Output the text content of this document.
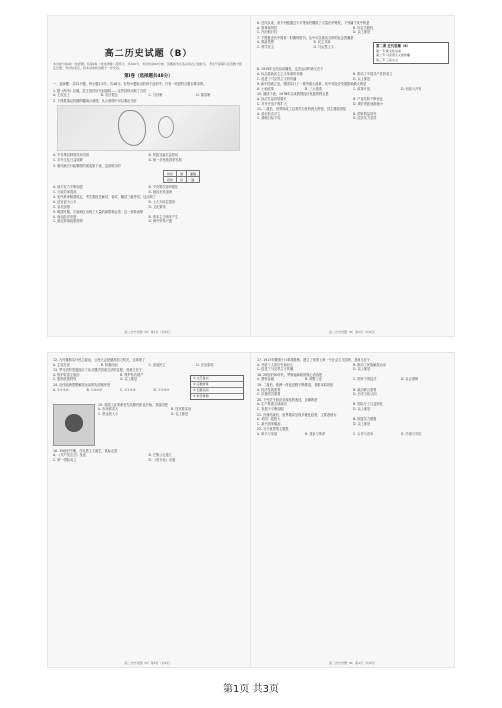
高二历史试题（B）
本试卷分第Ⅰ卷（选择题）和第Ⅱ卷（非选择题）两部分，共100分，考试时间90分钟。答题前考生务必将自己的姓名、考生号等填写在答题卡规定位置，考试结束后，将本试卷和答题卡一并交回。
第Ⅰ卷（选择题共48分）
一、选择题：共32小题，每小题1.5分，共48分。在每小题给出的四个选项中，只有一项是符合题目要求的。
1. 据《尚书》记载，武王伐纣后分封诸侯……这些材料反映了当时
A. 王权至上	B. 宗法观念	C. 分封制	D. 郡县制
2. 下图是秦汉时期的疆域示意图，从示意图中可以看出当时
A. 中央集权制度得到巩固	B. 民族交融日益密切
C. 对外交往日益频繁	D. 统一多民族国家发展
3. 唐代地方行政制度的演变如下表，这说明当时
州县	道	藩镇
府州	县	路
A. 地方权力不断加强	B. 中央集权得到强化
C. 行政效率提高	D. 统治危机加深
4. 宋代科举制度规定，考生需经过解试、省试、殿试三级考试，这反映了
A. 选官更为公平	B. 士大夫地位提高
C. 皇权加强	D. 文化繁荣
5. 明清时期，江南地区出现了大量的商帮和会馆，这一现象表明
A. 商品经济发展	B. 资本主义萌芽产生
C. 重农抑商政策废除	D. 海外贸易兴盛
高二历史试题（B）第1页（共8页）
6. 近代以来，西方列强通过不平等条约攫取了大量在华特权，下列属于其中的是
A. 领事裁判权	B. 协定关税权
C. 内河航行权	D. 以上都是
7. 下图是近代中国某一时期的报刊，从中可以看出当时的社会思潮是
第二课 近代思潮（6）
第一节 新文化运动
第二节 马克思主义的传播
第三节 三民主义
A. 维新思想	B. 民主共和
C. 科学民主	D. 马克思主义
8. 1919年五四运动爆发，这次运动的意义在于
A. 标志着新民主主义革命的开端	B. 推动了中国共产党的成立
C. 促进了马克思主义的传播	D. 以上都是
9. 新中国成立后，我国实行了一系列重大改革，其中对经济发展影响最大的是
A. 土地改革	B. 三大改造	C. 改革开放	D. 西部大开发
10. 阅读下表，1978年以来我国经济发展的特点是
A. 经济总量持续增长	B. 产业结构不断优化
C. 对外开放不断扩大	D. 城乡差距逐渐缩小
11. 二战后，世界形成了以美苏为首的两大阵营，其主要原因是
A. 意识形态对立	B. 国家利益冲突
C. 战略目标不同	D. 经济实力差异
高二历史试题（B）第2页（共8页）
12. 古代雅典实行民主政治，公民大会是最高权力机关，这体现了
A. 主权在民	B. 轮番而治	C. 直接民主	D. 法治原则
13. 罗马法的发展经历了从习惯法到成文法的过程，其意义在于
① 文艺复兴
② 宗教改革
③ 启蒙运动
④ 科学革命
A. 维护奴隶主统治	B. 保护私有财产
C. 限制贵族特权	D. 以上都是
14. 近代欧洲思想解放运动的先后顺序是
A. ①②③④	B. ①④②③	C. ②①③④	D. ①②④③
15. 英国工业革命首先从棉纺织业开始，其原因是
A. 市场需求大	B. 技术要求低
C. 资金投入少	D. 以上都是
16. 19世纪中期，马克思主义诞生，其标志是
A. 《共产党宣言》发表	B. 巴黎公社建立
C. 第一国际成立	D. 《资本论》出版
高二历史试题（B）第3页（共8页）
17. 1917年俄国十月革命胜利，建立了世界上第一个社会主义国家，其意义在于
A. 开辟了人类历史新纪元	B. 推动了民族解放运动
C. 促进了马克思主义传播	D. 以上都是
18. 20世纪30年代，罗斯福新政的核心内容是
A. 整顿金融	B. 调整工业	C. 国家干预经济	D. 社会保障
19. 二战后，欧洲一体化进程不断推进，其根本原因是
A. 经济发展需要	B. 政治联合需要
C. 抗衡美苏需要	D. 历史文化认同
20. 下列关于经济全球化的表述，正确的是
A. 生产要素全球流动	B. 国际分工日益细化
C. 发展不平衡加剧	D. 以上都是
21. 冷战结束后，世界格局呈现多极化趋势，主要表现为
A. 美国一超独大	B. 欧盟实力增强
C. 新兴国家崛起	D. 以上都是
22. 当今世界的主题是
A. 和平与发展	B. 战争与革命	C. 合作与竞争	D. 冷战与对抗
高二历史试题（B）第4页（共8页）
第1页 共3页
